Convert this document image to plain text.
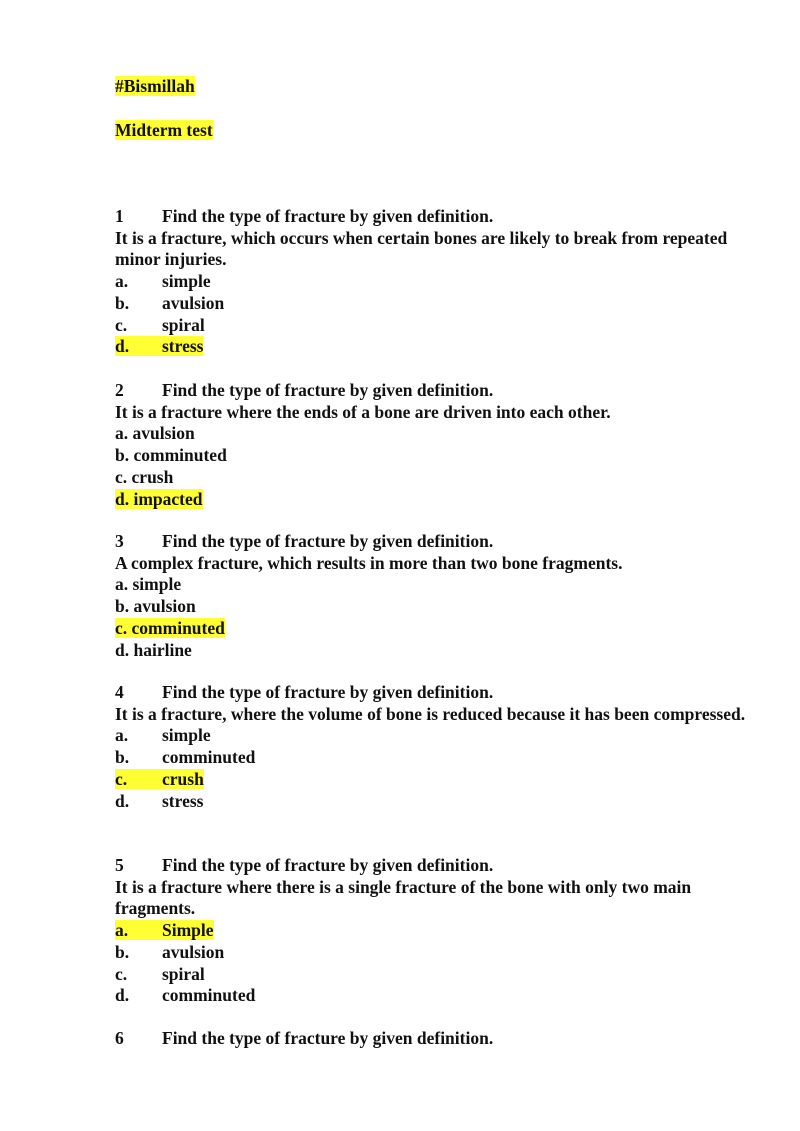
#Bismillah
Midterm test
1 Find the type of fracture by given definition.
It is a fracture, which occurs when certain bones are likely to break from repeated minor injuries.
a. simple
b. avulsion
c. spiral
d. stress
2 Find the type of fracture by given definition.
It is a fracture where the ends of a bone are driven into each other.
a. avulsion
b. comminuted
c. crush
d. impacted
3 Find the type of fracture by given definition.
A complex fracture, which results in more than two bone fragments.
a. simple
b. avulsion
c. comminuted
d. hairline
4 Find the type of fracture by given definition.
It is a fracture, where the volume of bone is reduced because it has been compressed.
a. simple
b. comminuted
c. crush
d. stress
5 Find the type of fracture by given definition.
It is a fracture where there is a single fracture of the bone with only two main fragments.
a. Simple
b. avulsion
c. spiral
d. comminuted
6 Find the type of fracture by given definition.
